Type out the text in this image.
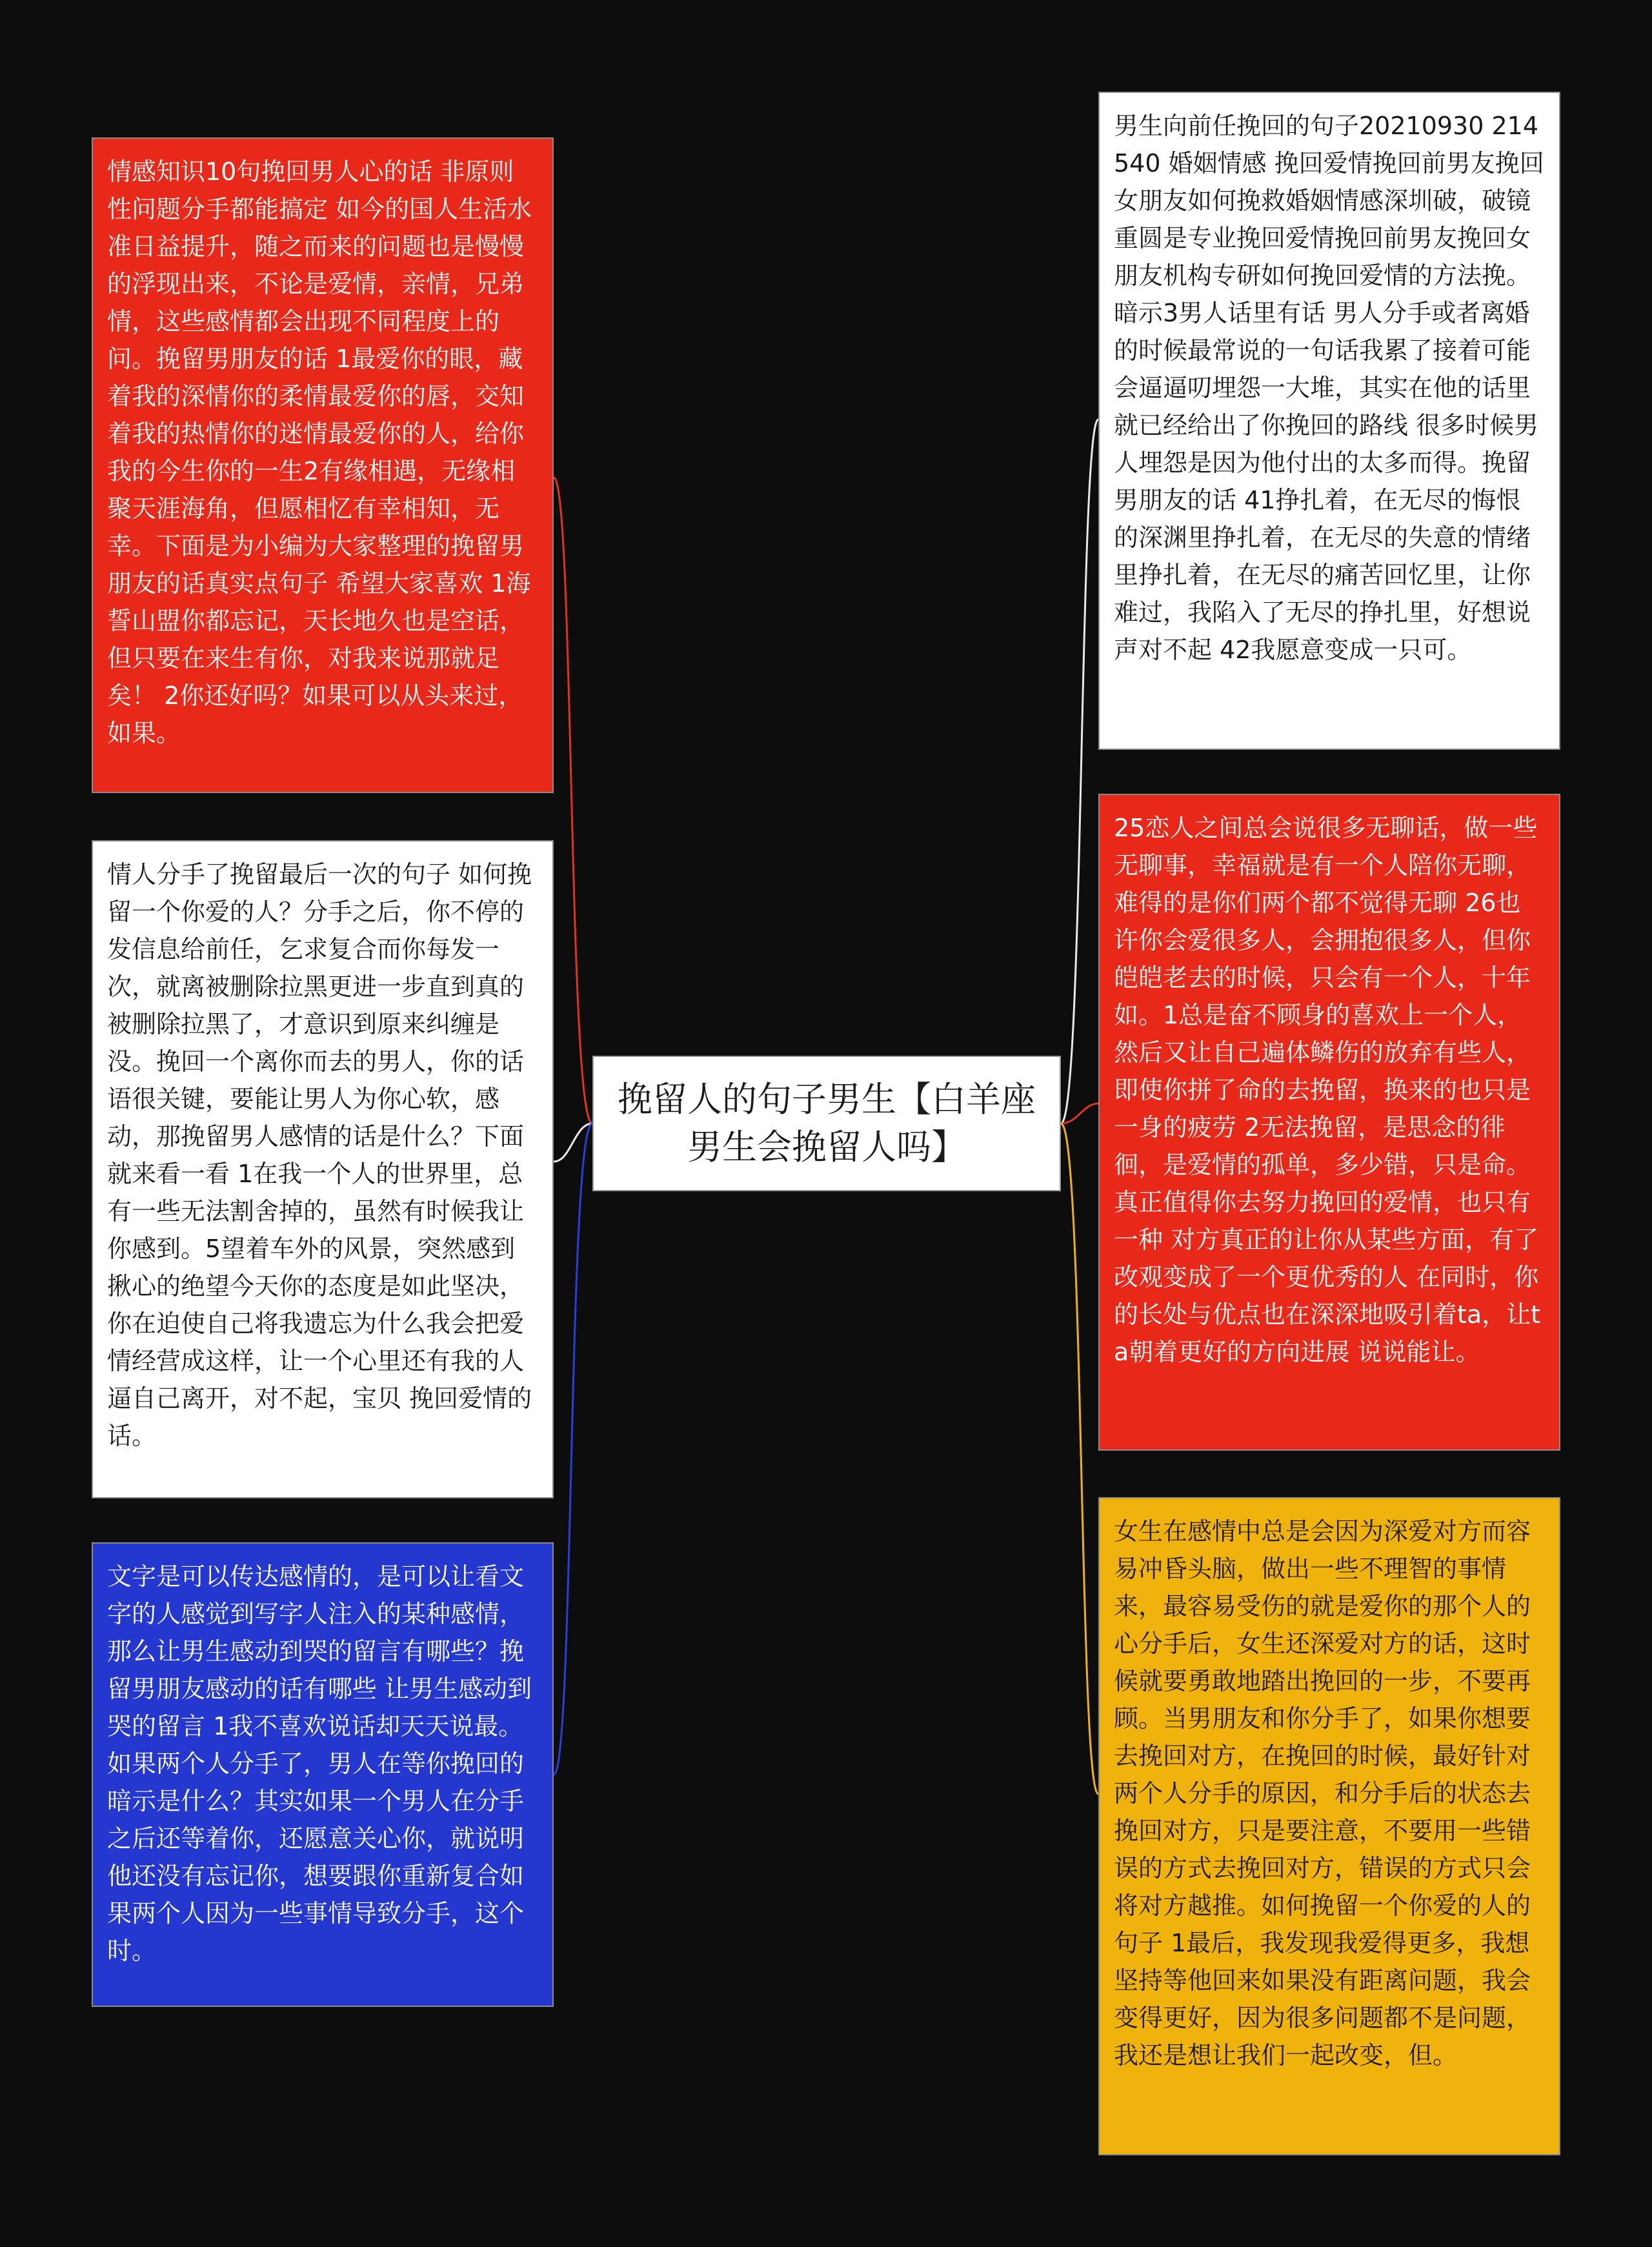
情感知识10句挽回男人心的话 非原则性问题分手都能搞定 如今的国人生活水准日益提升，随之而来的问题也是慢慢的浮现出来，不论是爱情，亲情，兄弟情，这些感情都会出现不同程度上的问。挽留男朋友的话 1最爱你的眼，藏着我的深情你的柔情最爱你的唇，交知着我的热情你的迷情最爱你的人，给你我的今生你的一生2有缘相遇，无缘相聚天涯海角，但愿相忆有幸相知，无幸。下面是为小编为大家整理的挽留男朋友的话真实点句子 希望大家喜欢 1海誓山盟你都忘记，天长地久也是空话，但只要在来生有你，对我来说那就足矣！ 2你还好吗？如果可以从头来过，如果。
情人分手了挽留最后一次的句子 如何挽留一个你爱的人？分手之后，你不停的发信息给前任，乞求复合而你每发一次，就离被删除拉黑更进一步直到真的被删除拉黑了，才意识到原来纠缠是没。挽回一个离你而去的男人，你的话语很关键，要能让男人为你心软，感动，那挽留男人感情的话是什么？下面就来看一看 1在我一个人的世界里，总有一些无法割舍掉的，虽然有时候我让你感到。5望着车外的风景，突然感到揪心的绝望今天你的态度是如此坚决，你在迫使自己将我遗忘为什么我会把爱情经营成这样，让一个心里还有我的人逼自己离开，对不起，宝贝 挽回爱情的话。
文字是可以传达感情的，是可以让看文字的人感觉到写字人注入的某种感情，那么让男生感动到哭的留言有哪些？挽留男朋友感动的话有哪些 让男生感动到哭的留言 1我不喜欢说话却天天说最。如果两个人分手了，男人在等你挽回的暗示是什么？其实如果一个男人在分手之后还等着你，还愿意关心你，就说明他还没有忘记你，想要跟你重新复合如果两个人因为一些事情导致分手，这个时。
挽留人的句子男生【白羊座男生会挽留人吗】
男生向前任挽回的句子20210930 214540 婚姻情感 挽回爱情挽回前男友挽回女朋友如何挽救婚姻情感深圳破，破镜重圆是专业挽回爱情挽回前男友挽回女朋友机构专研如何挽回爱情的方法挽。暗示3男人话里有话 男人分手或者离婚的时候最常说的一句话我累了接着可能会逼逼叨埋怨一大堆，其实在他的话里就已经给出了你挽回的路线 很多时候男人埋怨是因为他付出的太多而得。挽留男朋友的话 41挣扎着，在无尽的悔恨的深渊里挣扎着，在无尽的失意的情绪里挣扎着，在无尽的痛苦回忆里，让你难过，我陷入了无尽的挣扎里，好想说声对不起 42我愿意变成一只可。
25恋人之间总会说很多无聊话，做一些无聊事，幸福就是有一个人陪你无聊，难得的是你们两个都不觉得无聊 26也许你会爱很多人，会拥抱很多人，但你皑皑老去的时候，只会有一个人，十年如。1总是奋不顾身的喜欢上一个人，然后又让自己遍体鳞伤的放弃有些人，即使你拼了命的去挽留，换来的也只是一身的疲劳 2无法挽留，是思念的徘徊，是爱情的孤单，多少错，只是命。真正值得你去努力挽回的爱情，也只有一种 对方真正的让你从某些方面，有了改观变成了一个更优秀的人 在同时，你的长处与优点也在深深地吸引着ta，让ta朝着更好的方向进展 说说能让。
女生在感情中总是会因为深爱对方而容易冲昏头脑，做出一些不理智的事情来，最容易受伤的就是爱你的那个人的心分手后，女生还深爱对方的话，这时候就要勇敢地踏出挽回的一步，不要再顾。当男朋友和你分手了，如果你想要去挽回对方，在挽回的时候，最好针对两个人分手的原因，和分手后的状态去挽回对方，只是要注意，不要用一些错误的方式去挽回对方，错误的方式只会将对方越推。如何挽留一个你爱的人的句子 1最后，我发现我爱得更多，我想坚持等他回来如果没有距离问题，我会变得更好，因为很多问题都不是问题，我还是想让我们一起改变，但。
